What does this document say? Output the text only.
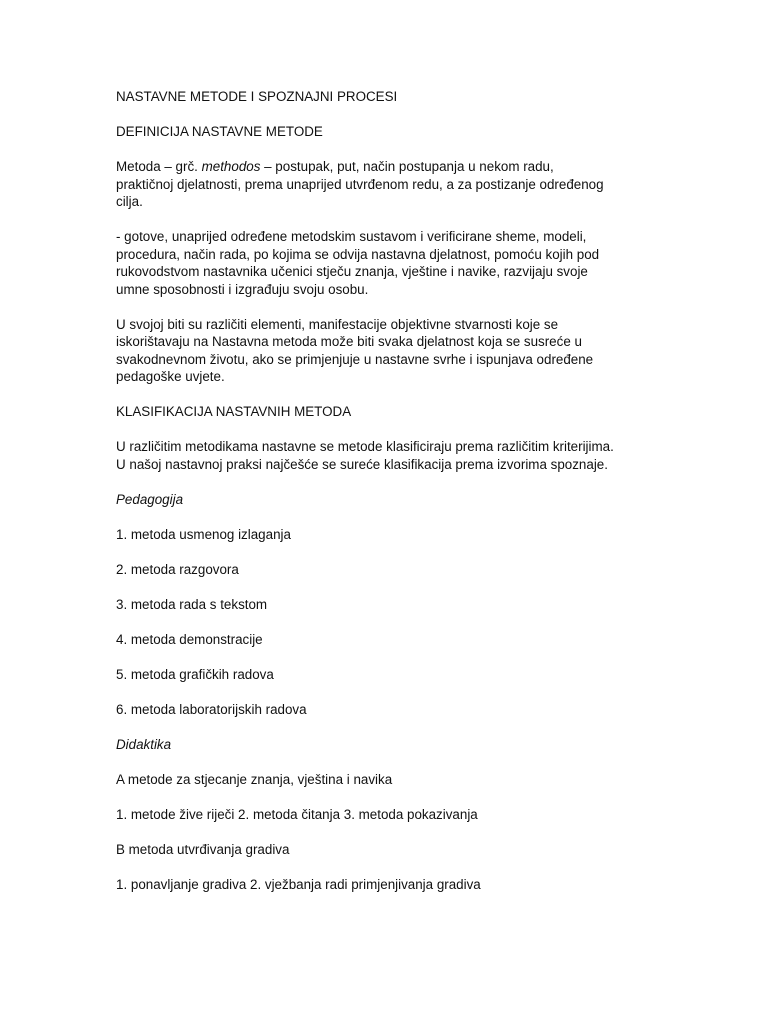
NASTAVNE METODE I SPOZNAJNI PROCESI

DEFINICIJA NASTAVNE METODE

Metoda – grč. methodos – postupak, put, način postupanja u nekom radu,
praktičnoj djelatnosti, prema unaprijed utvrđenom redu, a za postizanje određenog
cilja.

- gotove, unaprijed određene metodskim sustavom i verificirane sheme, modeli,
procedura, način rada, po kojima se odvija nastavna djelatnost, pomoću kojih pod
rukovodstvom nastavnika učenici stječu znanja, vještine i navike, razvijaju svoje
umne sposobnosti i izgrađuju svoju osobu.

U svojoj biti su različiti elementi, manifestacije objektivne stvarnosti koje se
iskorištavaju na Nastavna metoda može biti svaka djelatnost koja se susreće u
svakodnevnom životu, ako se primjenjuje u nastavne svrhe i ispunjava određene
pedagoške uvjete.

KLASIFIKACIJA NASTAVNIH METODA

U različitim metodikama nastavne se metode klasificiraju prema različitim kriterijima.
U našoj nastavnoj praksi najčešće se sureće klasifikacija prema izvorima spoznaje.

Pedagogija

1. metoda usmenog izlaganja

2. metoda razgovora

3. metoda rada s tekstom

4. metoda demonstracije

5. metoda grafičkih radova

6. metoda laboratorijskih radova

Didaktika

A metode za stjecanje znanja, vještina i navika

1. metode žive riječi 2. metoda čitanja 3. metoda pokazivanja

B metoda utvrđivanja gradiva

1. ponavljanje gradiva 2. vježbanja radi primjenjivanja gradiva
